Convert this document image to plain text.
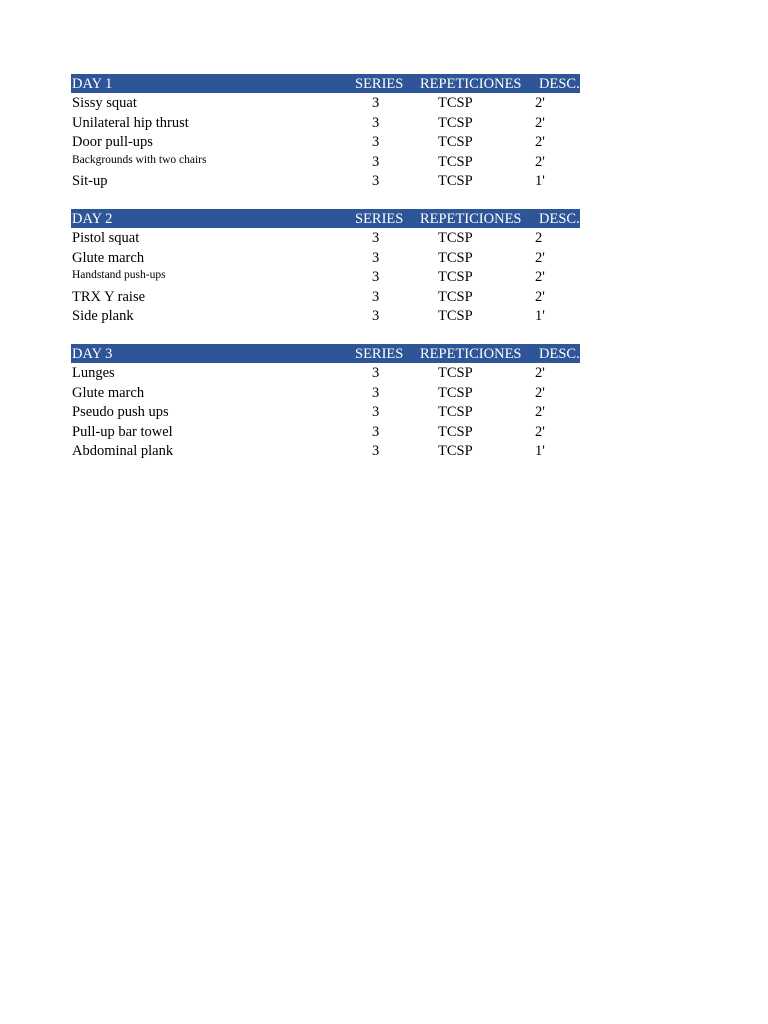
DAY 1	SERIES REPETICIONES DESC.
Sissy squat	3	TCSP	2'
Unilateral hip thrust	3	TCSP	2'
Door pull-ups	3	TCSP	2'
Backgrounds with two chairs	3	TCSP	2'
Sit-up	3	TCSP	1'
DAY 2	SERIES REPETICIONES DESC.
Pistol squat	3	TCSP	2
Glute march	3	TCSP	2'
Handstand push-ups	3	TCSP	2'
TRX Y raise	3	TCSP	2'
Side plank	3	TCSP	1'
DAY 3	SERIES REPETICIONES DESC.
Lunges	3	TCSP	2'
Glute march	3	TCSP	2'
Pseudo push ups	3	TCSP	2'
Pull-up bar towel	3	TCSP	2'
Abdominal plank	3	TCSP	1'
